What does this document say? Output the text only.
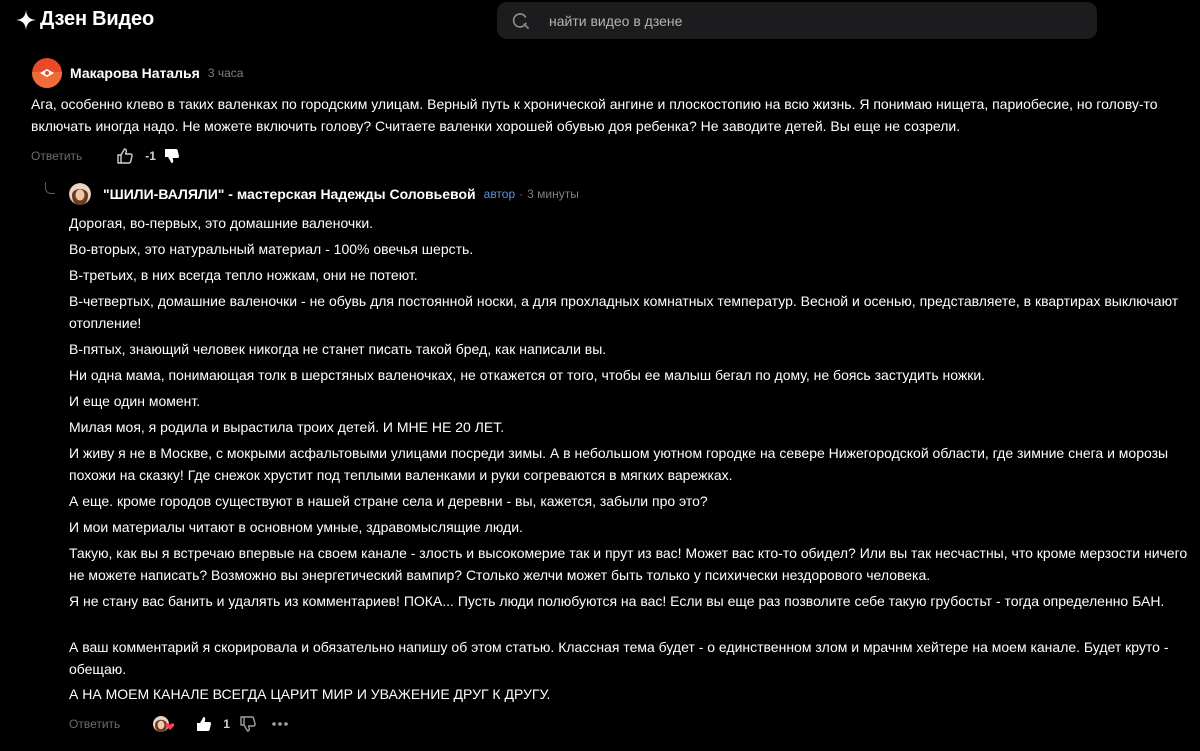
Дзен Видео
найти видео в дзене
Макарова Наталья 3 часа
Ага, особенно клево в таких валенках по городским улицам. Верный путь к хронической ангине и плоскостопию на всю жизнь. Я понимаю нищета, париобесие, но голову-то включать иногда надо. Не можете включить голову? Считаете валенки хорошей обувью доя ребенка? Не заводите детей. Вы еще не созрели.
Ответить	-1
"ШИЛИ-ВАЛЯЛИ" - мастерская Надежды Соловьевой автор · 3 минуты
Дорогая, во-первых, это домашние валеночки.
Во-вторых, это натуральный материал - 100% овечья шерсть.
В-третьих, в них всегда тепло ножкам, они не потеют.
В-четвертых, домашние валеночки - не обувь для постоянной носки, а для прохладных комнатных температур. Весной и осенью, представляете, в квартирах выключают отопление!
В-пятых, знающий человек никогда не станет писать такой бред, как написали вы.
Ни одна мама, понимающая толк в шерстяных валеночках, не откажется от того, чтобы ее малыш бегал по дому, не боясь застудить ножки.
И еще один момент.
Милая моя, я родила и вырастила троих детей. И МНЕ НЕ 20 ЛЕТ.
И живу я не в Москве, с мокрыми асфальтовыми улицами посреди зимы. А в небольшом уютном городке на севере Нижегородской области, где зимние снега и морозы похожи на сказку! Где снежок хрустит под теплыми валенками и руки согреваются в мягких варежках.
А еще. кроме городов существуют в нашей стране села и деревни - вы, кажется, забыли про это?
И мои материалы читают в основном умные, здравомыслящие люди.
Такую, как вы я встречаю впервые на своем канале - злость и высокомерие так и прут из вас! Может вас кто-то обидел? Или вы так несчастны, что кроме мерзости ничего не можете написать? Возможно вы энергетический вампир? Столько желчи может быть только у психически нездорового человека.
Я не стану вас банить и удалять из комментариев! ПОКА... Пусть люди полюбуются на вас! Если вы еще раз позволите себе такую грубостьт - тогда определенно БАН.
А ваш комментарий я скорировала и обязательно напишу об этом статью. Классная тема будет - о единственном злом и мрачнм хейтере на моем канале. Будет круто - обещаю.
А НА МОЕМ КАНАЛЕ ВСЕГДА ЦАРИТ МИР И УВАЖЕНИЕ ДРУГ К ДРУГУ.
Ответить	1
